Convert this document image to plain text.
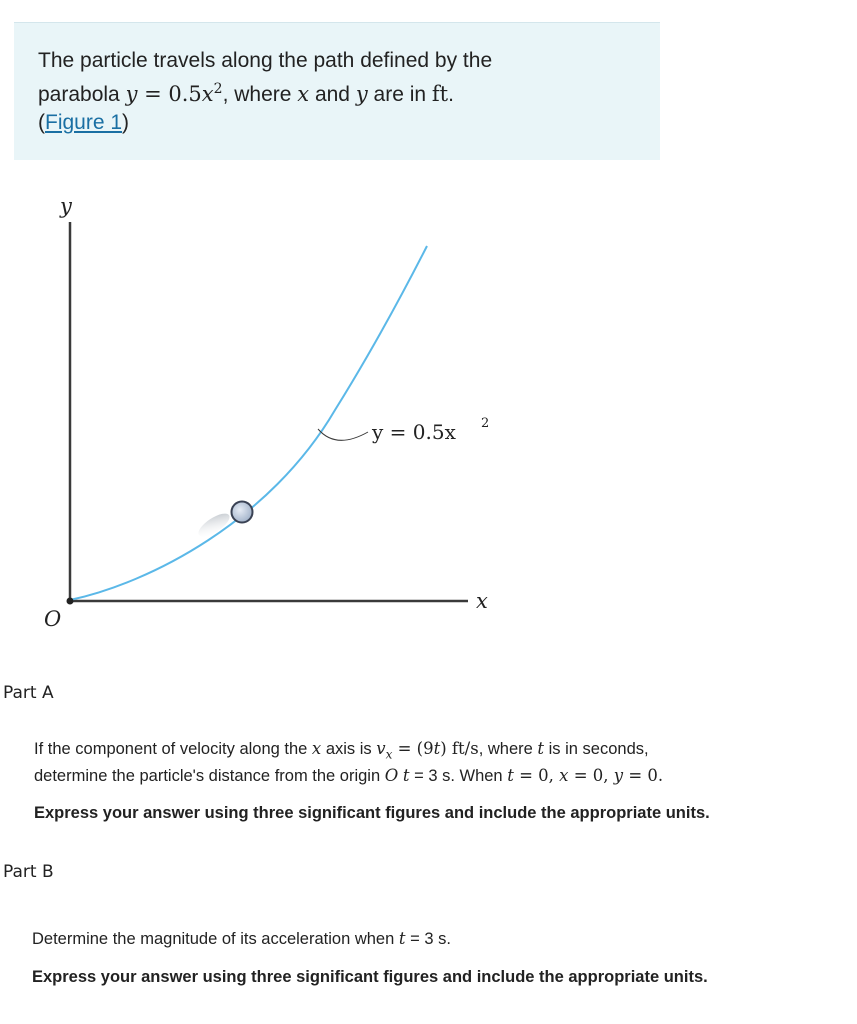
The particle travels along the path defined by the
parabola $y = 0.5x^2$, where x and y are in ft.
(Figure 1)
y
x
O
y = 0.5x 2
Part A
If the component of velocity along the x axis is $v_x = (9t)$ ft/s, where t is in seconds,
determine the particle's distance from the origin O t = 3 s. When t = 0, x = 0, y = 0.
Express your answer using three significant figures and include the appropriate units.
Part B
Determine the magnitude of its acceleration when t = 3 s.
Express your answer using three significant figures and include the appropriate units.
